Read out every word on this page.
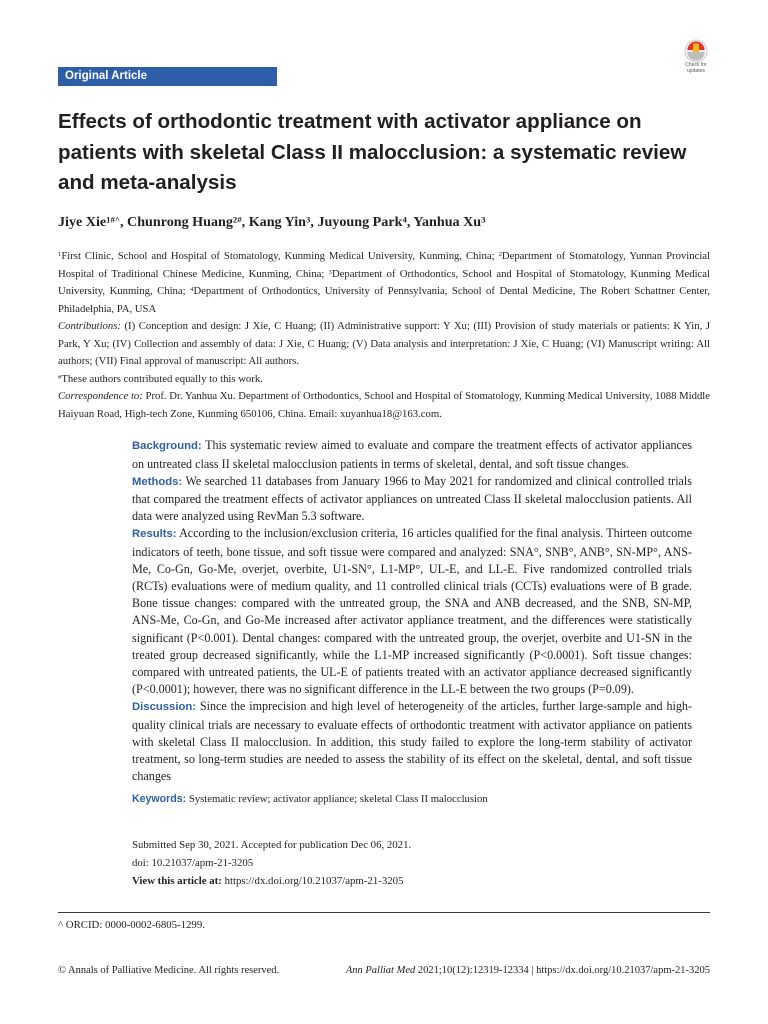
Original Article
Check for updates
Effects of orthodontic treatment with activator appliance on patients with skeletal Class II malocclusion: a systematic review and meta-analysis
Jiye Xie$^{1\#\^{}}$, Chunrong Huang$^{2\#}$, Kang Yin$^3$, Juyoung Park$^4$, Yanhua Xu$^3$

$^1$First Clinic, School and Hospital of Stomatology, Kunming Medical University, Kunming, China; $^2$Department of Stomatology, Yunnan Provincial Hospital of Traditional Chinese Medicine, Kunming, China; $^3$Department of Orthodontics, School and Hospital of Stomatology, Kunming Medical University, Kunming, China; $^4$Department of Orthodontics, University of Pennsylvania, School of Dental Medicine, The Robert Schattner Center, Philadelphia, PA, USA

Contributions: (I) Conception and design: J Xie, C Huang; (II) Administrative support: Y Xu; (III) Provision of study materials or patients: K Yin, J Park, Y Xu; (IV) Collection and assembly of data: J Xie, C Huang; (V) Data analysis and interpretation: J Xie, C Huang; (VI) Manuscript writing: All authors; (VII) Final approval of manuscript: All authors.

#These authors contributed equally to this work.

Correspondence to: Prof. Dr. Yanhua Xu. Department of Orthodontics, School and Hospital of Stomatology, Kunming Medical University, 1088 Middle Haiyuan Road, High-tech Zone, Kunming 650106, China. Email: xuyanhua18@163.com.

Background: This systematic review aimed to evaluate and compare the treatment effects of activator appliances on untreated class II skeletal malocclusion patients in terms of skeletal, dental, and soft tissue changes.

Methods: We searched 11 databases from January 1966 to May 2021 for randomized and clinical controlled trials that compared the treatment effects of activator appliances on untreated Class II skeletal malocclusion patients. All data were analyzed using RevMan 5.3 software.

Results: According to the inclusion/exclusion criteria, 16 articles qualified for the final analysis. Thirteen outcome indicators of teeth, bone tissue, and soft tissue were compared and analyzed: SNA°, SNB°, ANB°, SN-MP°, ANS-Me, Co-Gn, Go-Me, overjet, overbite, U1-SN°, L1-MP°, UL-E, and LL-E. Five randomized controlled trials (RCTs) evaluations were of medium quality, and 11 controlled clinical trials (CCTs) evaluations were of B grade. Bone tissue changes: compared with the untreated group, the SNA and ANB decreased, and the SNB, SN-MP, ANS-Me, Co-Gn, and Go-Me increased after activator appliance treatment, and the differences were statistically significant (P<0.001). Dental changes: compared with the untreated group, the overjet, overbite and U1-SN in the treated group decreased significantly, while the L1-MP increased significantly (P<0.0001). Soft tissue changes: compared with untreated patients, the UL-E of patients treated with an activator appliance decreased significantly (P<0.0001); however, there was no significant difference in the LL-E between the two groups (P=0.09).

Discussion: Since the imprecision and high level of heterogeneity of the articles, further large-sample and high-quality clinical trials are necessary to evaluate effects of orthodontic treatment with activator appliance on patients with skeletal Class II malocclusion. In addition, this study failed to explore the long-term stability of activator treatment, so long-term studies are needed to assess the stability of its effect on the skeletal, dental, and soft tissue changes

Keywords: Systematic review; activator appliance; skeletal Class II malocclusion

Submitted Sep 30, 2021. Accepted for publication Dec 06, 2021.
doi: 10.21037/apm-21-3205
View this article at: https://dx.doi.org/10.21037/apm-21-3205
^ ORCID: 0000-0002-6805-1299.
© Annals of Palliative Medicine. All rights reserved.	Ann Palliat Med 2021;10(12):12319-12334 | https://dx.doi.org/10.21037/apm-21-3205
